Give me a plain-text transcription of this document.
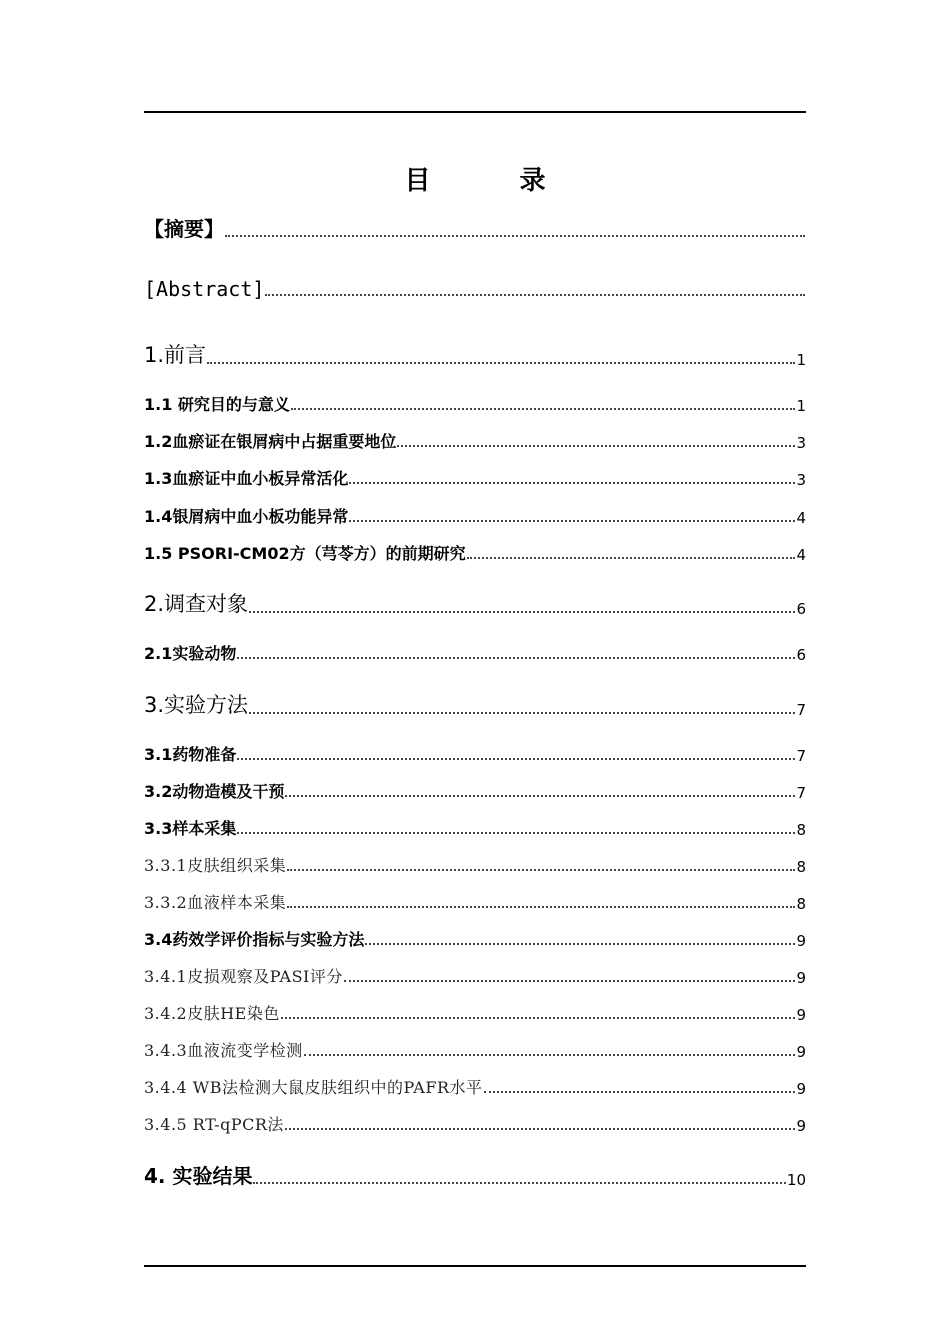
目 录
【摘要】
[Abstract]
1.前言	1
1.1 研究目的与意义	1
1.2血瘀证在银屑病中占据重要地位	3
1.3血瘀证中血小板异常活化	3
1.4银屑病中血小板功能异常	4
1.5 PSORI-CM02方（芎苓方）的前期研究	4
2.调查对象	6
2.1实验动物	6
3.实验方法	7
3.1药物准备	7
3.2动物造模及干预	7
3.3样本采集	8
3.3.1皮肤组织采集	8
3.3.2血液样本采集	8
3.4药效学评价指标与实验方法	9
3.4.1皮损观察及PASI评分	9
3.4.2皮肤HE染色	9
3.4.3血液流变学检测	9
3.4.4 WB法检测大鼠皮肤组织中的PAFR水平	9
3.4.5 RT-qPCR法	9
4. 实验结果	10
